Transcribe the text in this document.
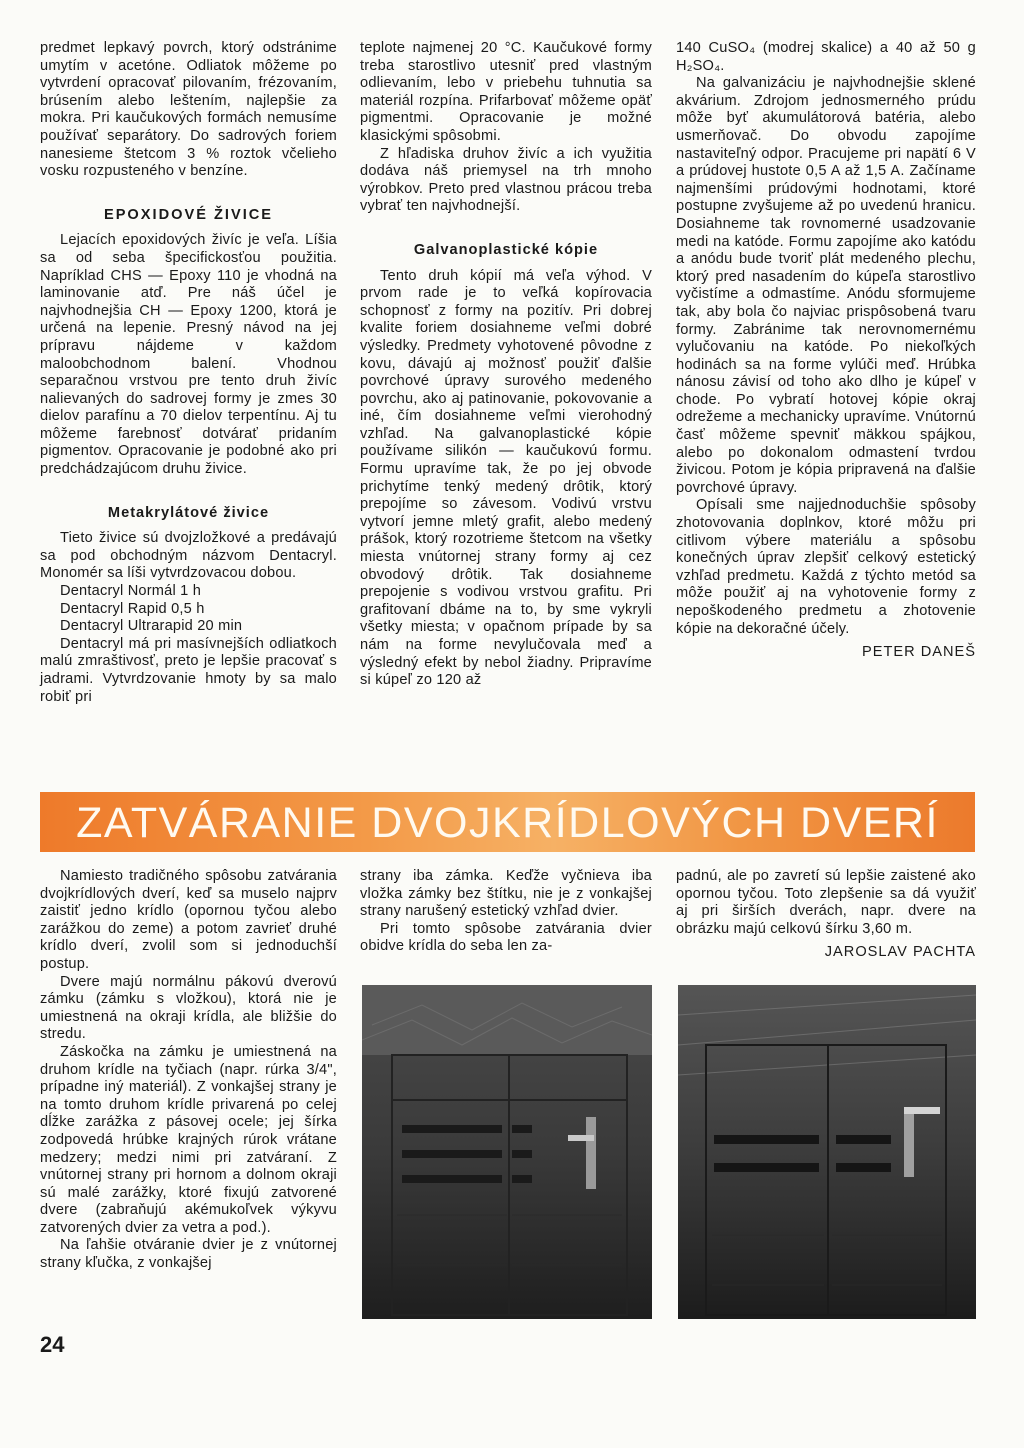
predmet lepkavý povrch, ktorý odstránime umytím v acetóne. Odliatok môžeme po vytvrdení opracovať pilovaním, frézovaním, brúsením alebo leštením, najlepšie za mokra. Pri kaučukových formách nemusíme používať separátory. Do sadrových foriem nanesieme štetcom 3 % roztok včelieho vosku rozpusteného v benzíne.

EPOXIDOVÉ ŽIVICE

Lejacích epoxidových živíc je veľa. Líšia sa od seba špecifickosťou použitia. Napríklad CHS — Epoxy 110 je vhodná na laminovanie atď. Pre náš účel je najvhodnejšia CH — Epoxy 1200, ktorá je určená na lepenie. Presný návod na jej prípravu nájdeme v každom maloobchodnom balení. Vhodnou separačnou vrstvou pre tento druh živíc nalievaných do sadrovej formy je zmes 30 dielov parafínu a 70 dielov terpentínu. Aj tu môžeme farebnosť dotvárať pridaním pigmentov. Opracovanie je podobné ako pri predchádzajúcom druhu živice.

Metakrylátové živice

Tieto živice sú dvojzložkové a predávajú sa pod obchodným názvom Dentacryl. Monomér sa líši vytvrdzovacou dobou.

Dentacryl Normál 1 h

Dentacryl Rapid 0,5 h

Dentacryl Ultrarapid 20 min

Dentacryl má pri masívnejších odliatkoch malú zmraštivosť, preto je lepšie pracovať s jadrami. Vytvrdzovanie hmoty by sa malo robiť pri

teplote najmenej 20 °C. Kaučukové formy treba starostlivo utesniť pred vlastným odlievaním, lebo v priebehu tuhnutia sa materiál rozpína. Prifarbovať môžeme opäť pigmentmi. Opracovanie je možné klasickými spôsobmi.

Z hľadiska druhov živíc a ich využitia dodáva náš priemysel na trh mnoho výrobkov. Preto pred vlastnou prácou treba vybrať ten najvhodnejší.

Galvanoplastické kópie

Tento druh kópií má veľa výhod. V prvom rade je to veľká kopírovacia schopnosť z formy na pozitív. Pri dobrej kvalite foriem dosiahneme veľmi dobré výsledky. Predmety vyhotovené pôvodne z kovu, dávajú aj možnosť použiť ďalšie povrchové úpravy surového medeného povrchu, ako aj patinovanie, pokovovanie a iné, čím dosiahneme veľmi vierohodný vzhľad. Na galvanoplastické kópie používame silikón — kaučukovú formu. Formu upravíme tak, že po jej obvode prichytíme tenký medený drôtik, ktorý prepojíme so závesom. Vodivú vrstvu vytvorí jemne mletý grafit, alebo medený prášok, ktorý rozotrieme štetcom na všetky miesta vnútornej strany formy aj cez obvodový drôtik. Tak dosiahneme prepojenie s vodivou vrstvou grafitu. Pri grafitovaní dbáme na to, by sme vykryli všetky miesta; v opačnom prípade by sa nám na forme nevylučovala meď a výsledný efekt by nebol žiadny. Pripravíme si kúpeľ zo 120 až

140 CuSO₄ (modrej skalice) a 40 až 50 g H₂SO₄.

Na galvanizáciu je najvhodnejšie sklené akvárium. Zdrojom jednosmerného prúdu môže byť akumulátorová batéria, alebo usmerňovač. Do obvodu zapojíme nastaviteľný odpor. Pracujeme pri napätí 6 V a prúdovej hustote 0,5 A až 1,5 A. Začíname najmenšími prúdovými hodnotami, ktoré postupne zvyšujeme až po uvedenú hranicu. Dosiahneme tak rovnomerné usadzovanie medi na katóde. Formu zapojíme ako katódu a anódu bude tvoriť plát medeného plechu, ktorý pred nasadením do kúpeľa starostlivo vyčistíme a odmastíme. Anódu sformujeme tak, aby bola čo najviac prispôsobená tvaru formy. Zabránime tak nerovnomernému vylučovaniu na katóde. Po niekoľkých hodinách sa na forme vylúči meď. Hrúbka nánosu závisí od toho ako dlho je kúpeľ v chode. Po vybratí hotovej kópie okraj odrežeme a mechanicky upravíme. Vnútornú časť môžeme spevniť mäkkou spájkou, alebo po dokonalom odmastení tvrdou živicou. Potom je kópia pripravená na ďalšie povrchové úpravy.

Opísali sme najjednoduchšie spôsoby zhotovovania doplnkov, ktoré môžu pri citlivom výbere materiálu a spôsobu konečných úprav zlepšiť celkový estetický vzhľad predmetu. Každá z týchto metód sa môže použiť aj na vyhotovenie formy z nepoškodeného predmetu a zhotovenie kópie na dekoračné účely.

PETER DANEŠ

ZATVÁRANIE DVOJKRÍDLOVÝCH DVERÍ

Namiesto tradičného spôsobu zatvárania dvojkrídlových dverí, keď sa muselo najprv zaistiť jedno krídlo (opornou tyčou alebo zarážkou do zeme) a potom zavrieť druhé krídlo dverí, zvolil som si jednoduchší postup.

Dvere majú normálnu pákovú dverovú zámku (zámku s vložkou), ktorá nie je umiestnená na okraji krídla, ale bližšie do stredu.

Záskočka na zámku je umiestnená na druhom krídle na tyčiach (napr. rúrka 3/4", prípadne iný materiál). Z vonkajšej strany je na tomto druhom krídle privarená po celej dĺžke zarážka z pásovej ocele; jej šírka zodpovedá hrúbke krajných rúrok vrátane medzery; medzi nimi pri zatváraní. Z vnútornej strany pri hornom a dolnom okraji sú malé zarážky, ktoré fixujú zatvorené dvere (zabraňujú akémukoľvek výkyvu zatvorených dvier za vetra a pod.).

Na ľahšie otváranie dvier je z vnútornej strany kľučka, z vonkajšej

strany iba zámka. Keďže vyčnieva iba vložka zámky bez štítku, nie je z vonkajšej strany narušený estetický vzhľad dvier.

Pri tomto spôsobe zatvárania dvier obidve krídla do seba len za-

padnú, ale po zavretí sú lepšie zaistené ako opornou tyčou. Toto zlepšenie sa dá využiť aj pri širších dverách, napr. dvere na obrázku majú celkovú šírku 3,60 m.

JAROSLAV PACHTA

24
